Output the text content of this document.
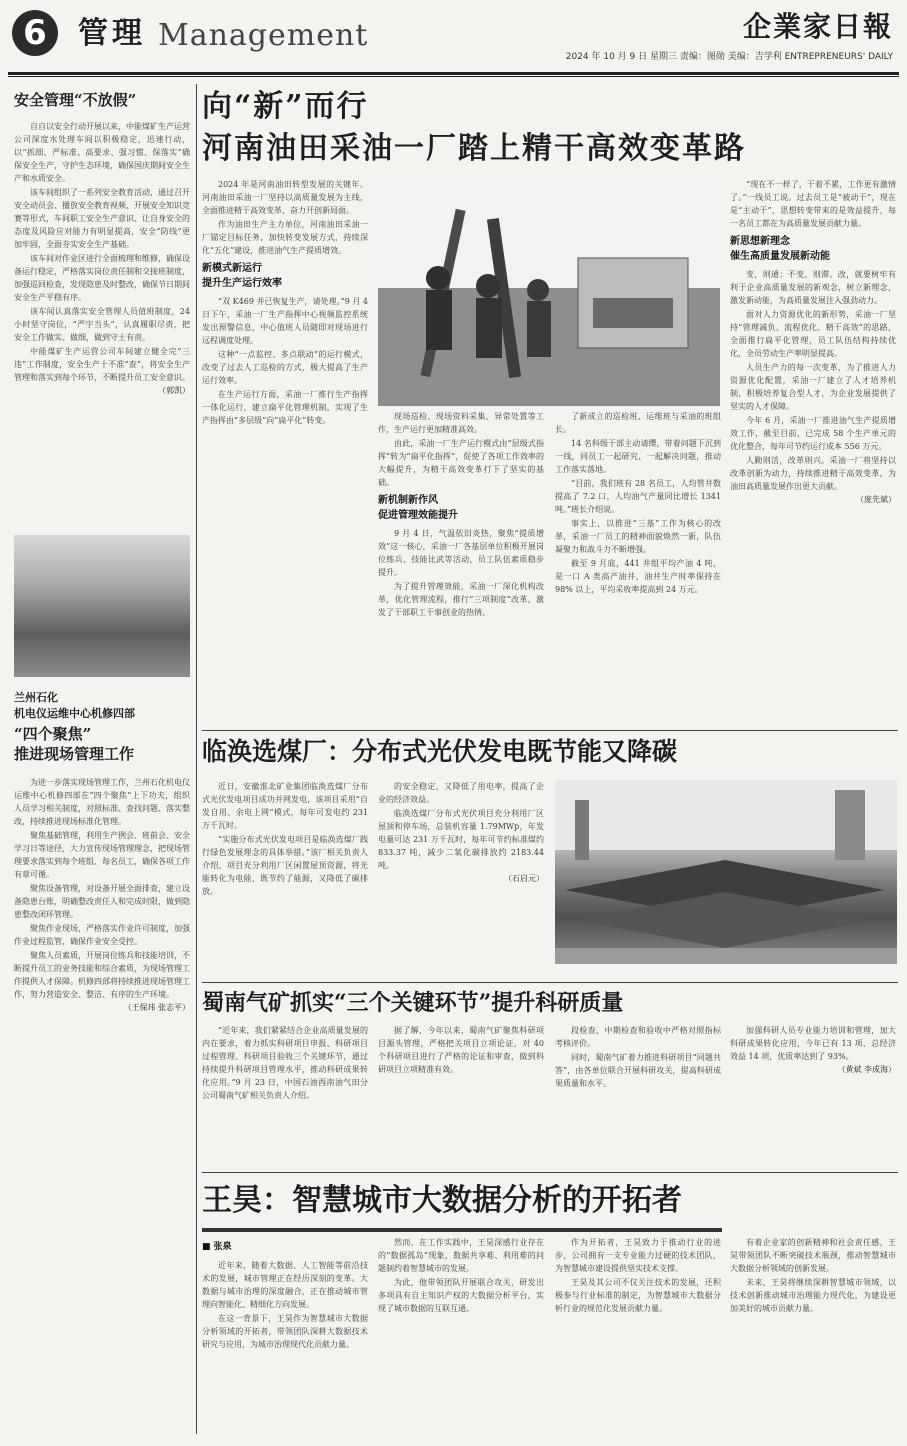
6	管理 Management	企業家日報
2024 年 10 月 9 日 星期三 责编：图勋 美编：吉学利 ENTREPRENEURS' DAILY
安全管理“不放假”

自自以安全行动开展以来，中能煤矿生产运营公司深度水处理车间以积极稳定，迅速行动，以“抓细、严标准、高要求、强习惯、保落实”确保安全生产，守护生态环境，确保国庆期间安全生产和水质安全。

该车间组织了一系列安全教育活动，通过召开安全动员会、播放安全教育视频、开展安全知识竞赛等形式，车间职工安全生产意识、让自身安全的态度及风险应对能力有明显提高，安全“防线”更加牢固，全面夯实安全生产基础。

该车间对作业区进行全面梳理和维修，确保设备运行稳定，严格落实岗位责任制和交接班制度，加强巡回检查，发现隐患及时整改，确保节日期间安全生产平稳有序。

该车间认真落实安全管理人员值班制度，24 小时坚守岗位，“严字当头”，认真履职尽责，把安全工作做实、做细，做到守土有责。

中能煤矿生产运营公司车间建立健全完“三违”工作制度，安全生产十不准“查”，将安全生产管理和落实到每个环节，不断提升员工安全意识。

（郭凯）
兰州石化
机电仪运维中心机修四部
“四个聚焦”
推进现场管理工作

为进一步落实现场管理工作，兰州石化机电仪运维中心机修四部在“四个聚焦”上下功夫，组织人员学习相关制度，对照标准、查找问题、落实整改，持续推进现场标准化管理。

聚焦基础管理，利用生产例会、班前会、安全学习日等途径，大力宣传现场管理理念，把现场管理要求落实到每个班组、每名员工，确保各项工作有章可循。

聚焦设备管理，对设备开展全面排查，建立设备隐患台账，明确整改责任人和完成时限，做到隐患整改闭环管理。

聚焦作业现场，严格落实作业许可制度，加强作业过程监管，确保作业安全受控。

聚焦人员素质，开展岗位练兵和技能培训，不断提升员工的业务技能和综合素质，为现场管理工作提供人才保障。机修四部将持续推进现场管理工作，努力营造安全、整洁、有序的生产环境。

（王保玮 张志平）
向“新”而行
河南油田采油一厂踏上精干高效变革路

2024 年是河南油田转型发展的关键年。河南油田采油一厂坚持以高质量发展为主线，全面推进精干高效变革，奋力开创新局面。

作为油田生产主力单位，河南油田采油一厂锚定目标任务，加快转变发展方式，持续深化“五化”建设，推进油气生产提质增效。

新模式新运行
提升生产运行效率

“双 K469 井已恢复生产，请处理。”9 月 4 日下午，采油一厂生产指挥中心视频监控系统发出预警信息，中心值班人员随即对现场进行远程调度处理。

这种“一点监控、多点联动”的运行模式，改变了过去人工巡检的方式，极大提高了生产运行效率。

在生产运行方面，采油一厂推行生产指挥一体化运行，建立扁平化管理机制，实现了生产指挥由“多层级”向“扁平化”转变。	现场巡检、现场资料采集、异常处置等工作，生产运行更加精准高效。

由此，采油一厂生产运行模式由“层级式指挥”转为“扁平化指挥”，促使了各项工作效率的大幅提升，为精干高效变革打下了坚实的基础。

新机制新作风
促进管理效能提升

9 月 4 日，气温依旧炎热，聚焦“提质增效”这一核心，采油一厂各基层单位积极开展岗位练兵、技能比武等活动，员工队伍素质稳步提升。

为了提升管理效能，采油一厂深化机构改革，优化管理流程，推行“三项制度”改革，激发了干部职工干事创业的热情。

了新成立的巡检班、运维班与采油的班组长。

14 名科级干部主动请缨，带着问题下沉到一线，同员工一起研究、一起解决问题，推动工作落实落地。

“目前，我们班有 28 名员工，人均管井数提高了 7.2 口，人均油气产量同比增长 1341 吨。”班长介绍说。

事实上，以推进“三基”工作为核心的改革，采油一厂员工的精神面貌焕然一新，队伍凝聚力和战斗力不断增强。

截至 9 月底，441 井组平均产油 4 吨，是一口 A 类高产油井，油井生产时率保持在 98% 以上，平均采收率提高到 24 万元。

“现在不一样了，干着不累，工作更有激情了。”一线员工说。过去员工是“被动干”，现在是“主动干”，思想转变带来的是效益提升，每一名员工都在为高质量发展贡献力量。

新思想新理念
催生高质量发展新动能

变，则通；不变，则滞。改，就要树牢有利于企业高质量发展的新观念，树立新理念，激发新动能，为高质量发展注入强劲动力。

面对人力资源优化的新形势，采油一厂坚持“管理减负、流程优化、精干高效”的思路，全面推行扁平化管理，员工队伍结构持续优化，全员劳动生产率明显提高。

人员生产力的每一次变革，为了推进人力资源优化配置，采油一厂建立了人才培养机制，积极培养复合型人才，为企业发展提供了坚实的人才保障。

今年 6 月，采油一厂推进油气生产提质增效工作，截至目前，已完成 58 个生产单元的优化整合，每年可节约运行成本 556 万元。

人勤则活，改革则兴。采油一厂将坚持以改革创新为动力，持续推进精干高效变革，为油田高质量发展作出更大贡献。

（庞先斌）
临涣选煤厂：分布式光伏发电既节能又降碳

近日，安徽淮北矿业集团临涣选煤厂分布式光伏发电项目成功并网发电，该项目采用“自发自用、余电上网”模式，每年可发电约 231 万千瓦时。

“实施分布式光伏发电项目是临涣选煤厂践行绿色发展理念的具体举措。”该厂相关负责人介绍，项目充分利用厂区闲置屋顶资源，将光能转化为电能，既节约了能源，又降低了碳排放。

的安全稳定，又降低了用电率，提高了企业的经济效益。

临涣选煤厂分布式光伏项目充分利用厂区屋顶和停车场，总装机容量 1.79MWp，年发电量可达 231 万千瓦时，每年可节约标准煤约 833.37 吨，减少二氧化碳排放约 2183.44 吨。

（石启元）
蜀南气矿抓实“三个关键环节”提升科研质量

“近年来，我们紧紧结合企业高质量发展的内在要求，着力抓实科研项目申报、科研项目过程管理、科研项目验收三个关键环节，通过持续提升科研项目管理水平，推动科研成果转化应用。”9 月 23 日，中国石油西南油气田分公司蜀南气矿相关负责人介绍。

据了解，今年以来，蜀南气矿聚焦科研项目源头管理，严格把关项目立项论证，对 40 个科研项目进行了严格的论证和审查，做到科研项目立项精准有效。

段检查，中期检查和验收中严格对照指标考核评价。

同时，蜀南气矿着力推进科研项目“同题共答”，由各单位联合开展科研攻关，提高科研成果质量和水平。

加强科研人员专业能力培训和管理，加大科研成果转化应用，今年已有 13 项、总经济效益 14 项，优质率达到了 93%。

（黄斌 李成海）
王昊：智慧城市大数据分析的开拓者
■ 张泉

近年来，随着大数据、人工智能等前沿技术的发展，城市管理正在经历深刻的变革。大数据与城市治理的深度融合，正在推动城市管理向智能化、精细化方向发展。

在这一背景下，王昊作为智慧城市大数据分析领域的开拓者，带领团队深耕大数据技术研究与应用，为城市治理现代化贡献力量。

然而，在工作实践中，王昊深感行业存在的“数据孤岛”现象，数据共享难、利用难的问题制约着智慧城市的发展。

为此，他带领团队开展联合攻关，研发出多项具有自主知识产权的大数据分析平台，实现了城市数据的互联互通。

作为开拓者，王昊致力于推动行业的进步，公司拥有一支专业能力过硬的技术团队，为智慧城市建设提供坚实技术支撑。

王昊及其公司不仅关注技术的发展，还积极参与行业标准的制定，为智慧城市大数据分析行业的规范化发展贡献力量。

有着企业家的创新精神和社会责任感，王昊带领团队不断突破技术瓶颈，推动智慧城市大数据分析领域的创新发展。

未来，王昊将继续深耕智慧城市领域，以技术创新推动城市治理能力现代化，为建设更加美好的城市贡献力量。
